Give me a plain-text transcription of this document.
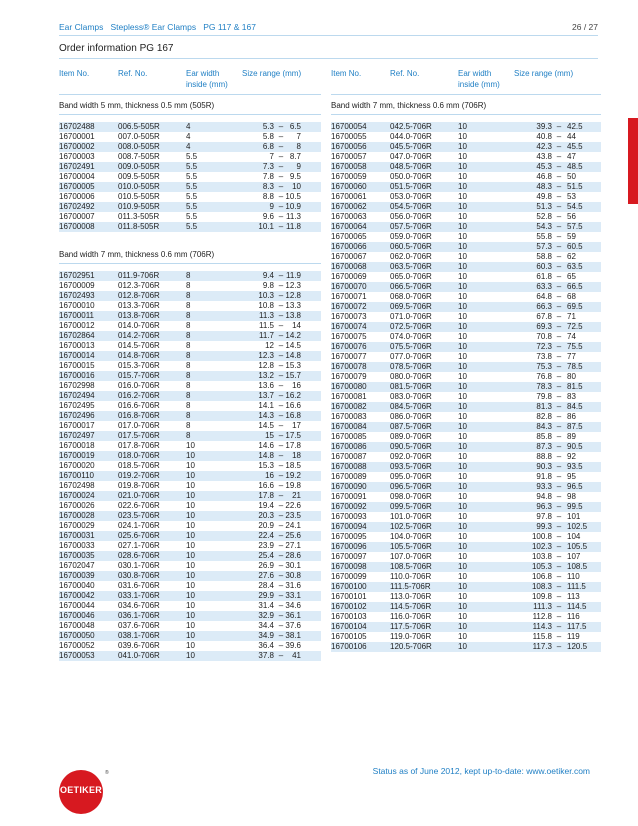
Ear Clamps   Stepless® Ear Clamps   PG 117 & 167	26 / 27
Order information PG 167
Item No.	Ref. No.	Ear width inside (mm)
Size range (mm)
Band width 5 mm, thickness 0.5 mm (505R)
16702488	006.5-505R	4	5.3 – 6.5
16700001	007.0-505R	4	5.8 –	7
16700002	008.0-505R	4	6.8 –	8
16700003	008.7-505R	5.5	7 – 8.7
16702491	009.0-505R	5.5	7.3 –	9
16700004	009.5-505R	5.5	7.8 – 9.5
16700005	010.0-505R	5.5	8.3 –	10
16700006	010.5-505R	5.5	8.8 – 10.5
16702492	010.9-505R	5.5	9 – 10.9
16700007	011.3-505R	5.5	9.6 – 11.3
16700008	011.8-505R	5.5	10.1 – 11.8
Band width 7 mm, thickness 0.6 mm (706R)
16702951	011.9-706R	8	9.4 – 11.9
16700009	012.3-706R	8	9.8 – 12.3
16702493	012.8-706R	8	10.3 – 12.8
16700010	013.3-706R	8	10.8 – 13.3
16700011	013.8-706R	8	11.3 – 13.8
16700012	014.0-706R	8	11.5 –	14
16702864	014.2-706R	8	11.7 – 14.2
16700013	014.5-706R	8	12 – 14.5
16700014	014.8-706R	8	12.3 – 14.8
16700015	015.3-706R	8	12.8 – 15.3
16700016	015.7-706R	8	13.2 – 15.7
16702998	016.0-706R	8	13.6 –	16
16702494	016.2-706R	8	13.7 – 16.2
16702495	016.6-706R	8	14.1 – 16.6
16702496	016.8-706R	8	14.3 – 16.8
16700017	017.0-706R	8	14.5 –	17
16702497	017.5-706R	8	15 – 17.5
16700018	017.8-706R	10	14.6 – 17.8
16700019	018.0-706R	10	14.8 –	18
16700020	018.5-706R	10	15.3 – 18.5
16700110	019.2-706R	10	16 – 19.2
16702498	019.8-706R	10	16.6 – 19.8
16700024	021.0-706R	10	17.8 –	21
16700026	022.6-706R	10	19.4 – 22.6
16700028	023.5-706R	10	20.3 – 23.5
16700029	024.1-706R	10	20.9 – 24.1
16700031	025.6-706R	10	22.4 – 25.6
16700033	027.1-706R	10	23.9 – 27.1
16700035	028.6-706R	10	25.4 – 28.6
16702047	030.1-706R	10	26.9 – 30.1
16700039	030.8-706R	10	27.6 – 30.8
16700040	031.6-706R	10	28.4 – 31.6
16700042	033.1-706R	10	29.9 – 33.1
16700044	034.6-706R	10	31.4 – 34.6
16700046	036.1-706R	10	32.9 – 36.1
16700048	037.6-706R	10	34.4 – 37.6
16700050	038.1-706R	10	34.9 – 38.1
16700052	039.6-706R	10	36.4 – 39.6
16700053	041.0-706R	10	37.8 –	41
Item No.	Ref. No.	Ear width inside (mm)
Size range (mm)
Band width 7 mm, thickness 0.6 mm (706R)
16700054	042.5-706R	10	39.3 – 42.5
16700055	044.0-706R	10	40.8 – 44
16700056	045.5-706R	10	42.3 – 45.5
16700057	047.0-706R	10	43.8 – 47
16700058	048.5-706R	10	45.3 – 48.5
16700059	050.0-706R	10	46.8 – 50
16700060	051.5-706R	10	48.3 – 51.5
16700061	053.0-706R	10	49.8 – 53
16700062	054.5-706R	10	51.3 – 54.5
16700063	056.0-706R	10	52.8 – 56
16700064	057.5-706R	10	54.3 – 57.5
16700065	059.0-706R	10	55.8 – 59
16700066	060.5-706R	10	57.3 – 60.5
16700067	062.0-706R	10	58.8 – 62
16700068	063.5-706R	10	60.3 – 63.5
16700069	065.0-706R	10	61.8 – 65
16700070	066.5-706R	10	63.3 – 66.5
16700071	068.0-706R	10	64.8 – 68
16700072	069.5-706R	10	66.3 – 69.5
16700073	071.0-706R	10	67.8 – 71
16700074	072.5-706R	10	69.3 – 72.5
16700075	074.0-706R	10	70.8 – 74
16700076	075.5-706R	10	72.3 – 75.5
16700077	077.0-706R	10	73.8 – 77
16700078	078.5-706R	10	75.3 – 78.5
16700079	080.0-706R	10	76.8 – 80
16700080	081.5-706R	10	78.3 – 81.5
16700081	083.0-706R	10	79.8 – 83
16700082	084.5-706R	10	81.3 – 84.5
16700083	086.0-706R	10	82.8 – 86
16700084	087.5-706R	10	84.3 – 87.5
16700085	089.0-706R	10	85.8 – 89
16700086	090.5-706R	10	87.3 – 90.5
16700087	092.0-706R	10	88.8 – 92
16700088	093.5-706R	10	90.3 – 93.5
16700089	095.0-706R	10	91.8 – 95
16700090	096.5-706R	10	93.3 – 96.5
16700091	098.0-706R	10	94.8 – 98
16700092	099.5-706R	10	96.3 – 99.5
16700093	101.0-706R	10	97.8 – 101
16700094	102.5-706R	10	99.3 – 102.5
16700095	104.0-706R	10	100.8 – 104
16700096	105.5-706R	10	102.3 – 105.5
16700097	107.0-706R	10	103.8 – 107
16700098	108.5-706R	10	105.3 – 108.5
16700099	110.0-706R	10	106.8 – 110
16700100	111.5-706R	10	108.3 – 111.5
16700101	113.0-706R	10	109.8 – 113
16700102	114.5-706R	10	111.3 – 114.5
16700103	116.0-706R	10	112.8 – 116
16700104	117.5-706R	10	114.3 – 117.5
16700105	119.0-706R	10	115.8 – 119
16700106	120.5-706R	10	117.3 – 120.5
OETIKER
®	Status as of June 2012, kept up-to-date: www.oetiker.com
